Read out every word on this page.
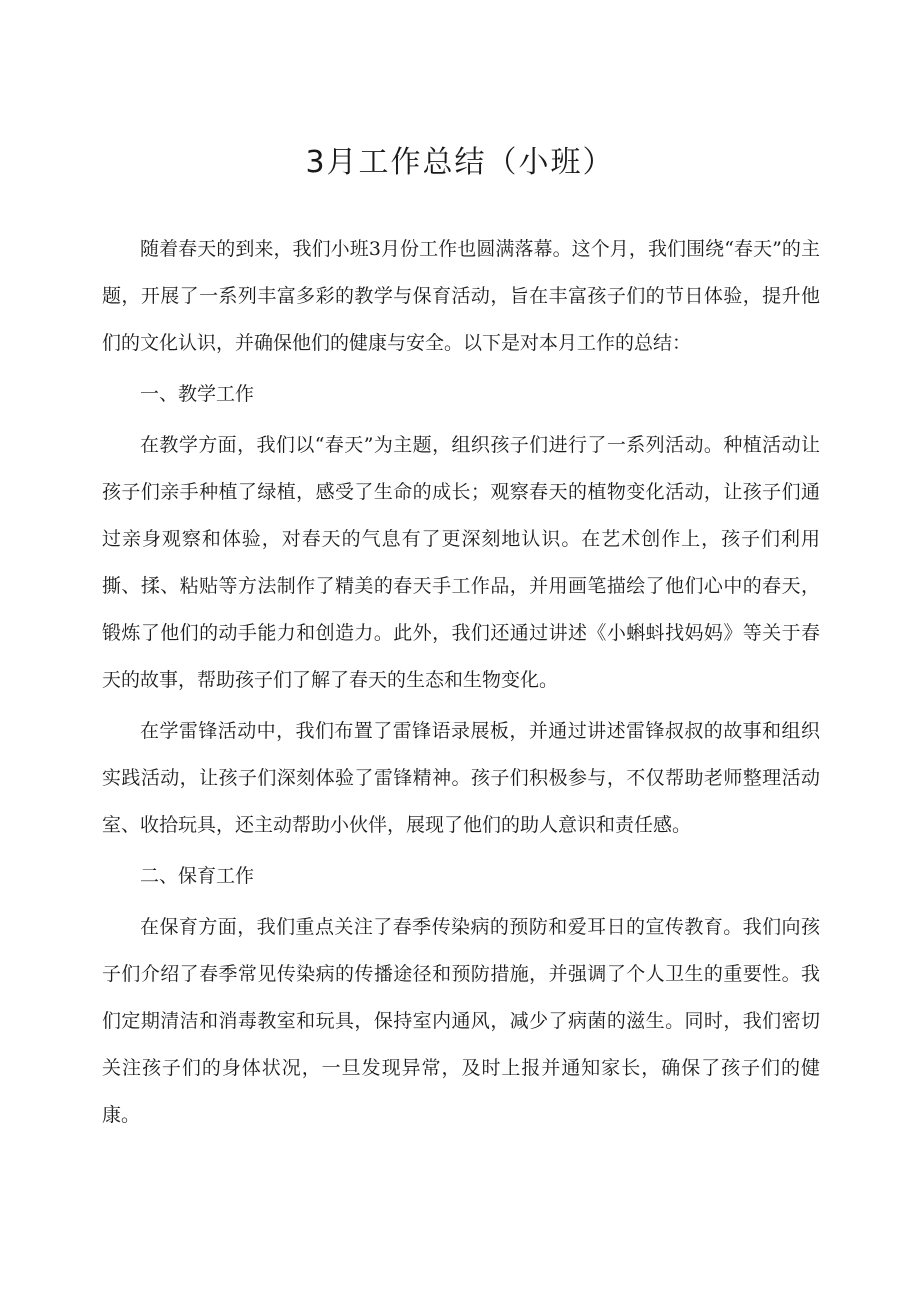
3月工作总结（小班）

随着春天的到来，我们小班3月份工作也圆满落幕。这个月，我们围绕“春天”的主题，开展了一系列丰富多彩的教学与保育活动，旨在丰富孩子们的节日体验，提升他们的文化认识，并确保他们的健康与安全。以下是对本月工作的总结：

一、教学工作

在教学方面，我们以“春天”为主题，组织孩子们进行了一系列活动。种植活动让孩子们亲手种植了绿植，感受了生命的成长；观察春天的植物变化活动，让孩子们通过亲身观察和体验，对春天的气息有了更深刻地认识。在艺术创作上，孩子们利用撕、揉、粘贴等方法制作了精美的春天手工作品，并用画笔描绘了他们心中的春天，锻炼了他们的动手能力和创造力。此外，我们还通过讲述《小蝌蚪找妈妈》等关于春天的故事，帮助孩子们了解了春天的生态和生物变化。

在学雷锋活动中，我们布置了雷锋语录展板，并通过讲述雷锋叔叔的故事和组织实践活动，让孩子们深刻体验了雷锋精神。孩子们积极参与，不仅帮助老师整理活动室、收拾玩具，还主动帮助小伙伴，展现了他们的助人意识和责任感。

二、保育工作

在保育方面，我们重点关注了春季传染病的预防和爱耳日的宣传教育。我们向孩子们介绍了春季常见传染病的传播途径和预防措施，并强调了个人卫生的重要性。我们定期清洁和消毒教室和玩具，保持室内通风，减少了病菌的滋生。同时，我们密切关注孩子们的身体状况，一旦发现异常，及时上报并通知家长，确保了孩子们的健康。
